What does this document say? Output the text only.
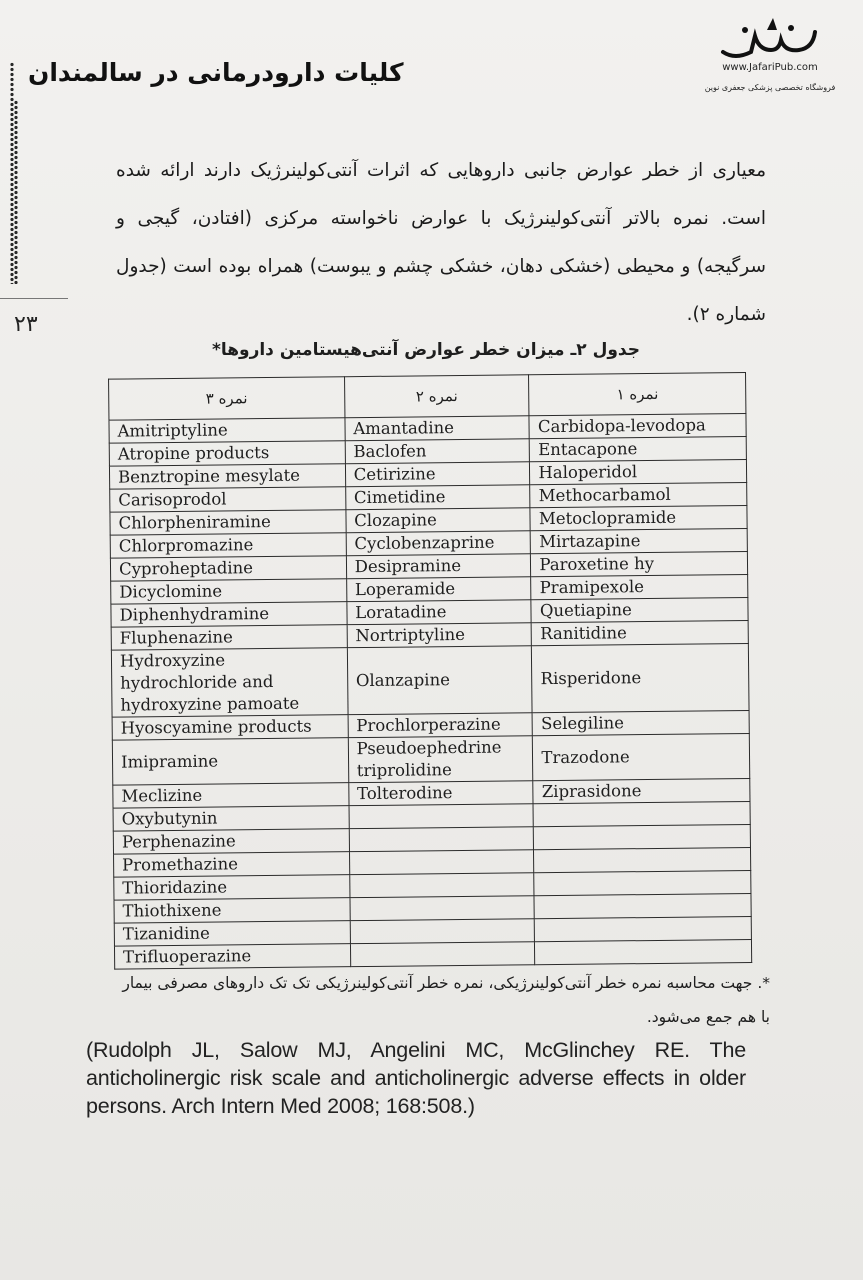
کلیات دارودرمانی در سالمندان
۲۳
www.JafariPub.com
فروشگاه تخصصی پزشکی جعفری نوین

معیاری از خطر عوارض جانبی داروهایی که اثرات آنتی‌کولینرژیک دارند ارائه شده است. نمره بالاتر آنتی‌کولینرژیک با عوارض ناخواسته مرکزی (افتادن، گیجی و سرگیجه) و محیطی (خشکی دهان، خشکی چشم و یبوست) همراه بوده است (جدول شماره ۲).

جدول ۲ـ میزان خطر عوارض آنتی‌هیستامین داروها*
نمره ۳	نمره ۲	نمره ۱
Amitriptyline	Amantadine	Carbidopa-levodopa
Atropine products	Baclofen	Entacapone
Benztropine mesylate	Cetirizine	Haloperidol
Carisoprodol	Cimetidine	Methocarbamol
Chlorpheniramine	Clozapine	Metoclopramide
Chlorpromazine	Cyclobenzaprine	Mirtazapine
Cyproheptadine	Desipramine	Paroxetine hy
Dicyclomine	Loperamide	Pramipexole
Diphenhydramine	Loratadine	Quetiapine
Fluphenazine	Nortriptyline	Ranitidine
Hydroxyzine hydrochloride and hydroxyzine pamoate	Olanzapine	Risperidone
Hyoscyamine products	Prochlorperazine	Selegiline
Imipramine	Pseudoephedrine triprolidine	Trazodone
Meclizine	Tolterodine	Ziprasidone
Oxybutynin		
Perphenazine		
Promethazine		
Thioridazine		
Thiothixene		
Tizanidine		
Trifluoperazine		

*. جهت محاسبه نمره خطر آنتی‌کولینرژیکی، نمره خطر آنتی‌کولینرژیکی تک تک داروهای مصرفی بیمار با هم جمع می‌شود.

(Rudolph JL, Salow MJ, Angelini MC, McGlinchey RE. The anticholinergic risk scale and anticholinergic adverse effects in older persons. Arch Intern Med 2008; 168:508.)
